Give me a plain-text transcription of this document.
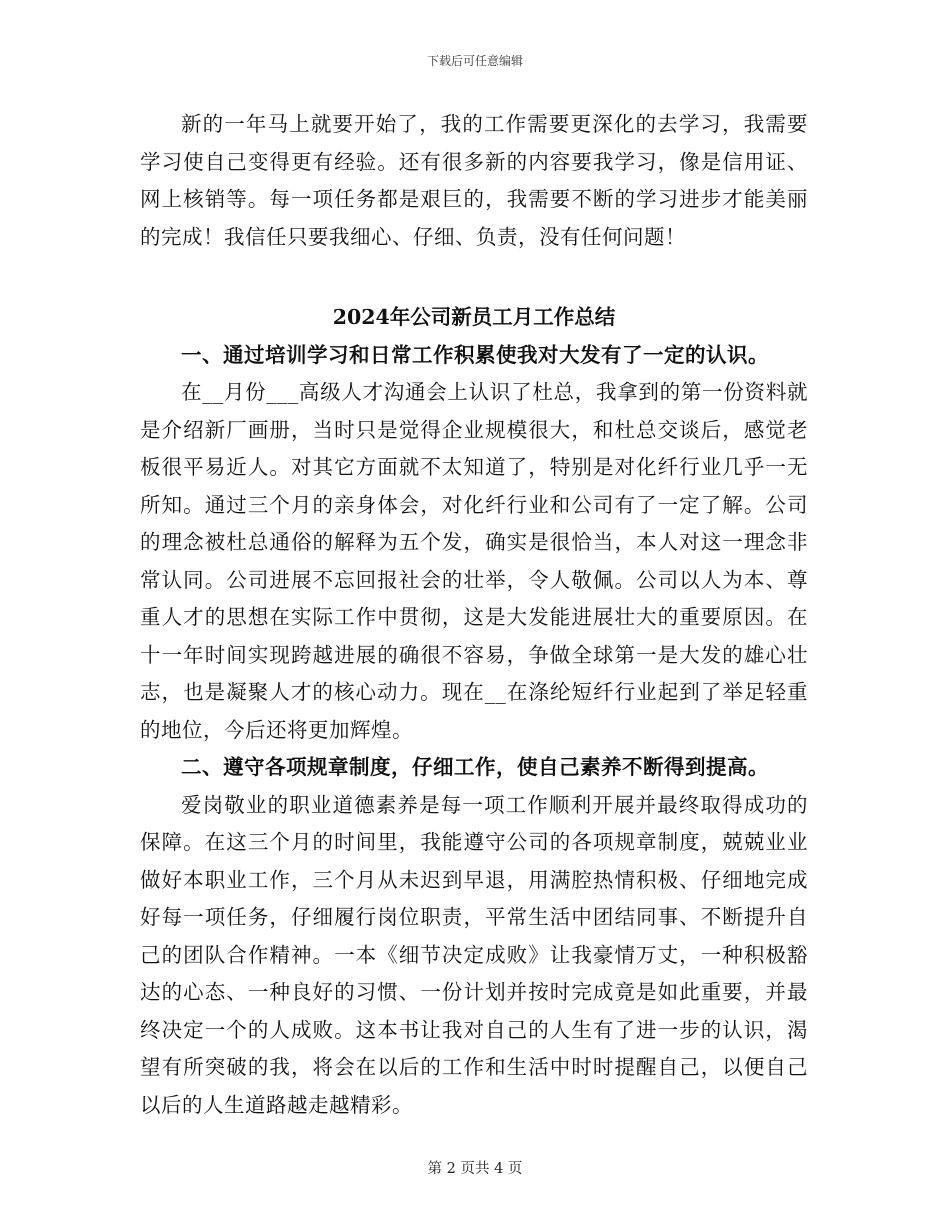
下载后可任意编辑

新的一年马上就要开始了，我的工作需要更深化的去学习，我需要学习使自己变得更有经验。还有很多新的内容要我学习，像是信用证、网上核销等。每一项任务都是艰巨的，我需要不断的学习进步才能美丽的完成！我信任只要我细心、仔细、负责，没有任何问题！

2024年公司新员工月工作总结
一、通过培训学习和日常工作积累使我对大发有了一定的认识。

在__月份___高级人才沟通会上认识了杜总，我拿到的第一份资料就是介绍新厂画册，当时只是觉得企业规模很大，和杜总交谈后，感觉老板很平易近人。对其它方面就不太知道了，特别是对化纤行业几乎一无所知。通过三个月的亲身体会，对化纤行业和公司有了一定了解。公司的理念被杜总通俗的解释为五个发，确实是很恰当，本人对这一理念非常认同。公司进展不忘回报社会的壮举，令人敬佩。公司以人为本、尊重人才的思想在实际工作中贯彻，这是大发能进展壮大的重要原因。在十一年时间实现跨越进展的确很不容易，争做全球第一是大发的雄心壮志，也是凝聚人才的核心动力。现在__在涤纶短纤行业起到了举足轻重的地位，今后还将更加辉煌。

二、遵守各项规章制度，仔细工作，使自己素养不断得到提高。

爱岗敬业的职业道德素养是每一项工作顺利开展并最终取得成功的保障。在这三个月的时间里，我能遵守公司的各项规章制度，兢兢业业做好本职业工作，三个月从未迟到早退，用满腔热情积极、仔细地完成好每一项任务，仔细履行岗位职责，平常生活中团结同事、不断提升自己的团队合作精神。一本《细节决定成败》让我豪情万丈，一种积极豁达的心态、一种良好的习惯、一份计划并按时完成竟是如此重要，并最终决定一个的人成败。这本书让我对自己的人生有了进一步的认识，渴望有所突破的我，将会在以后的工作和生活中时时提醒自己，以便自己以后的人生道路越走越精彩。

第 2 页共 4 页
